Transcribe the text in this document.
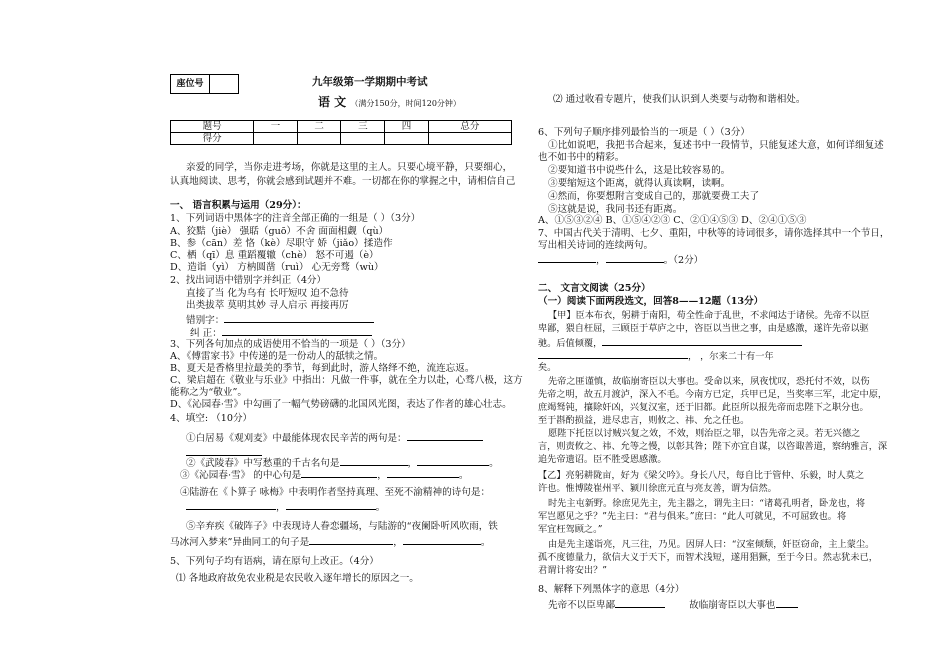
座位号	九年级第一学期期中考试
语 文 （满分150分，时间120分钟）
题号	一	二	三	四	总分
得分					
亲爱的同学，当你走进考场，你就是这里的主人。只要心境平静，只要细心，
认真地阅读、思考，你就会感到试题并不难。一切都在你的掌握之中，请相信自己
一、 语言积累与运用（29分）：
1、下列词语中黑体字的注音全部正确的一组是（ ）（3分）
A、狡黠（jiè） 强聒（guō）不舍 面面相觑（qù）
B、参（cān）差 恪（kè）尽职守 娇（jiǎo）揉造作
C、栖（qī）息 重蹈覆辙（chè） 怒不可遏（è）
D、造诣（yì） 方枘圆凿（ruì） 心无旁骛（wù）
2、找出词语中错别字并纠正（4分）
直接了当 化为乌有 长吁短叹 迫不急待
出类拔萃 莫明其妙 寻人启示 再接再厉
错别字：
纠 正：
3、下列各句加点的成语使用不恰当的一项是（ ）（3分）
A、《傅雷家书》中传递的是一份动人的舐犊之情。
B、夏天是香格里拉最美的季节，每到此时，游人络绎不绝，流连忘返。
C、梁启超在《敬业与乐业》中指出：凡做一件事，就在全力以赴，心骛八极，这方
能称之为“敬业”。
D、《沁园春·雪》中勾画了一幅气势磅礴的北国风光图，表达了作者的雄心壮志。
4、填空: （10分）
①白居易《观刈麦》中最能体现农民辛苦的两句是：
②《武陵春》中写愁重的千古名句是	，	。
③《沁园春·雪》 的中心句是	，	。
④陆游在《卜算子 咏梅》中表明作者坚持真理、至死不渝精神的诗句是：
，	。
⑤辛弃疾《破阵子》中表现诗人眷恋疆场，与陆游的“夜阑卧听风吹雨，铁
马冰河入梦来”异曲同工的句子是	，	。
5、下列句子均有语病，请在原句上改正。（4分）
⑴ 各地政府故免农业税是农民收入逐年增长的原因之一。
⑵ 通过收看专题片，使我们认识到人类要与动物和谐相处。
6、下列句子顺序排列最恰当的一项是（ ）（3分）
①比如说吧，我把书合起来，复述书中一段情节，只能复述大意，如何详细复述
也不如书中的精彩。
②要知道书中说些什么，这是比较容易的。
③要缩短这个距离，就得认真读啊，读啊。
④然而，你要想附言变成自己的，那就要费工夫了
⑤这就是说，我同书还有距离。
A、①⑤③②④ B、①⑤④②③ C、②①④⑤③ D、②④①⑤③
7、中国古代关于清明、七夕、重阳，中秋等的诗词很多，请你选择其中一个节日，
写出相关诗词的连续两句。
，	。（2分）
二、 文言文阅读（25分）
（一）阅读下面两段选文，回答8——12题（13分）
【甲】臣本布衣，躬耕于南阳，苟全性命于乱世，不求闻达于诸侯。先帝不以臣
卑鄙，猥自枉屈，三顾臣于草庐之中，咨臣以当世之事，由是感激，遂许先帝以驱
驰。后值倾覆，
， ，尔来二十有一年
矣。
先帝之匪谨慎，故临崩寄臣以大事也。受命以来，夙夜忧叹，恐托付不效，以伤
先帝之明，故五月渡泸，深入不毛。今南方已定，兵甲已足，当奖率三军，北定中原，
庶竭驽钝，攘除奸凶，兴复汉室，还于旧都。此臣所以报先帝而忠陛下之职分也。
至于斟酌损益，进尽忠言，则攸之、祎、允之任也。
愿陛下托臣以讨贼兴复之效，不效，则治臣之罪，以告先帝之灵。若无兴德之
言，则责攸之、祎、允等之慢，以彰其咎；陛下亦宜自谋，以咨诹善道，察纳雅言，深
追先帝遗诏。臣不胜受恩感激。
【乙】亮躬耕陇亩，好为《梁父吟》。身长八尺，每自比于管仲、乐毅，时人莫之
许也。惟博陵崔州平、颍川徐庶元直与亮友善，谓为信然。
时先主屯新野。徐庶见先主，先主器之，谓先主曰：“诸葛孔明者，卧龙也，将
军岂愿见之乎？”先主曰：“君与俱来。”庶曰：“此人可就见，不可屈致也。将
军宜枉驾顾之。”
由是先主遂诣亮，凡三往，乃见。因屏人曰：“汉室倾颓，奸臣窃命，主上蒙尘。
孤不度德量力，欲信大义于天下，而智术浅短，遂用猖獗，至于今日。然志犹未已，
君谓计将安出？”
8、解释下列黑体字的意思（4分）
先帝不以臣卑鄙	故临崩寄臣以大事也
